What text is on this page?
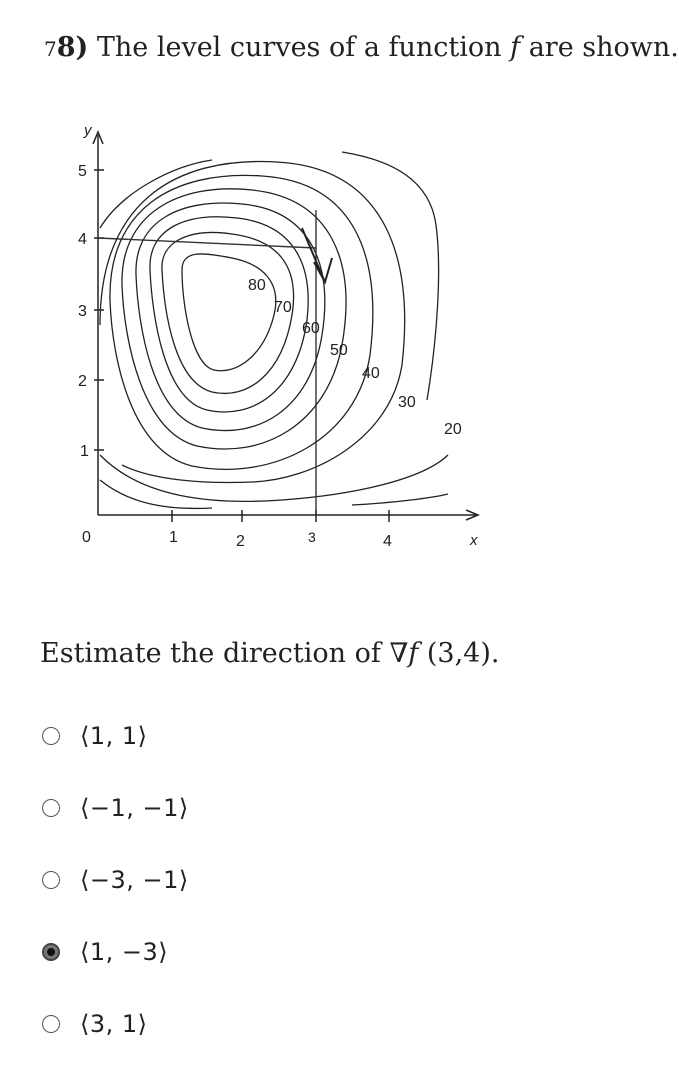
78) The level curves of a function f are shown.
y
x
5
4
3
2
1
0	1	2	3	4
80
70
60
50
40
30
20

Estimate the direction of ∇f (3,4).

⟨1, 1⟩
⟨−1, −1⟩
⟨−3, −1⟩
⟨1, −3⟩
⟨3, 1⟩
